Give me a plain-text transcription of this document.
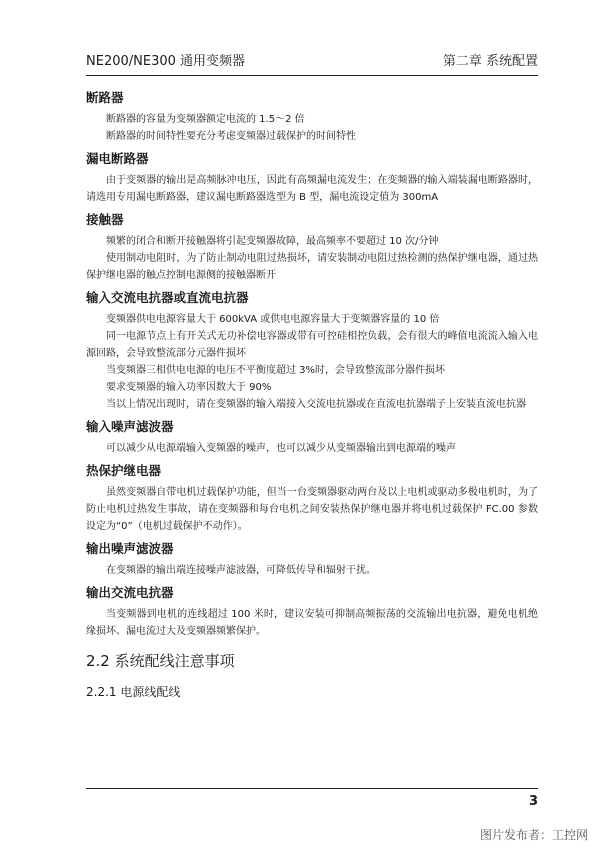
NE200/NE300 通用变频器	第二章 系统配置

断路器

断路器的容量为变频器额定电流的 1.5～2 倍

断路器的时间特性要充分考虑变频器过载保护的时间特性

漏电断路器

由于变频器的输出是高频脉冲电压，因此有高频漏电流发生；在变频器的输入端装漏电断路器时，请选用专用漏电断路器，建议漏电断路器选型为 B 型，漏电流设定值为 300mA

接触器

频繁的闭合和断开接触器将引起变频器故障，最高频率不要超过 10 次/分钟

使用制动电阻时，为了防止制动电阻过热损坏，请安装制动电阻过热检测的热保护继电器，通过热保护继电器的触点控制电源侧的接触器断开

输入交流电抗器或直流电抗器

变频器供电电源容量大于 600kVA 或供电电源容量大于变频器容量的 10 倍

同一电源节点上有开关式无功补偿电容器或带有可控硅相控负载，会有很大的峰值电流流入输入电源回路，会导致整流部分元器件损坏

当变频器三相供电电源的电压不平衡度超过 3%时，会导致整流部分器件损坏

要求变频器的输入功率因数大于 90%

当以上情况出现时，请在变频器的输入端接入交流电抗器或在直流电抗器端子上安装直流电抗器

输入噪声滤波器

可以减少从电源端输入变频器的噪声，也可以减少从变频器输出到电源端的噪声

热保护继电器

虽然变频器自带电机过载保护功能，但当一台变频器驱动两台及以上电机或驱动多极电机时，为了防止电机过热发生事故，请在变频器和每台电机之间安装热保护继电器并将电机过载保护 FC.00 参数设定为“0”（电机过载保护不动作）。

输出噪声滤波器

在变频器的输出端连接噪声滤波器，可降低传导和辐射干扰。

输出交流电抗器

当变频器到电机的连线超过 100 米时，建议安装可抑制高频振荡的交流输出电抗器，避免电机绝缘损坏、漏电流过大及变频器频繁保护。

2.2 系统配线注意事项

2.2.1 电源线配线

3
图片发布者：工控网
